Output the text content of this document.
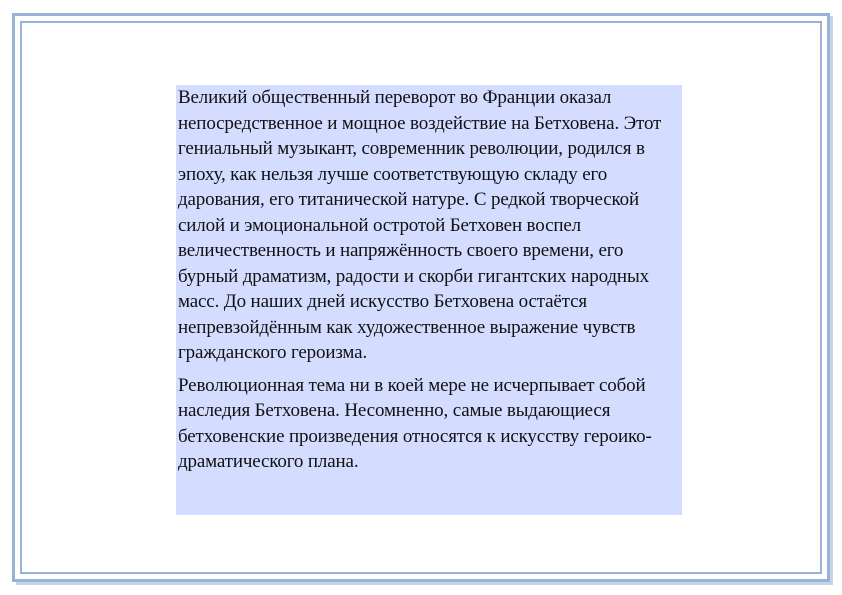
Великий общественный переворот во Франции оказал непосредственное и мощное воздействие на Бетховена. Этот гениальный музыкант, современник революции, родился в эпоху, как нельзя лучше соответствующую складу его дарования, его титанической натуре. С редкой творческой силой и эмоциональной остротой Бетховен воспел величественность и напряжённость своего времени, его бурный драматизм, радости и скорби гигантских народных масс. До наших дней искусство Бетховена остаётся непревзойдённым как художественное выражение чувств гражданского героизма.

Революционная тема ни в коей мере не исчерпывает собой наследия Бетховена. Несомненно, самые выдающиеся бетховенские произведения относятся к искусству героико-драматического плана.
